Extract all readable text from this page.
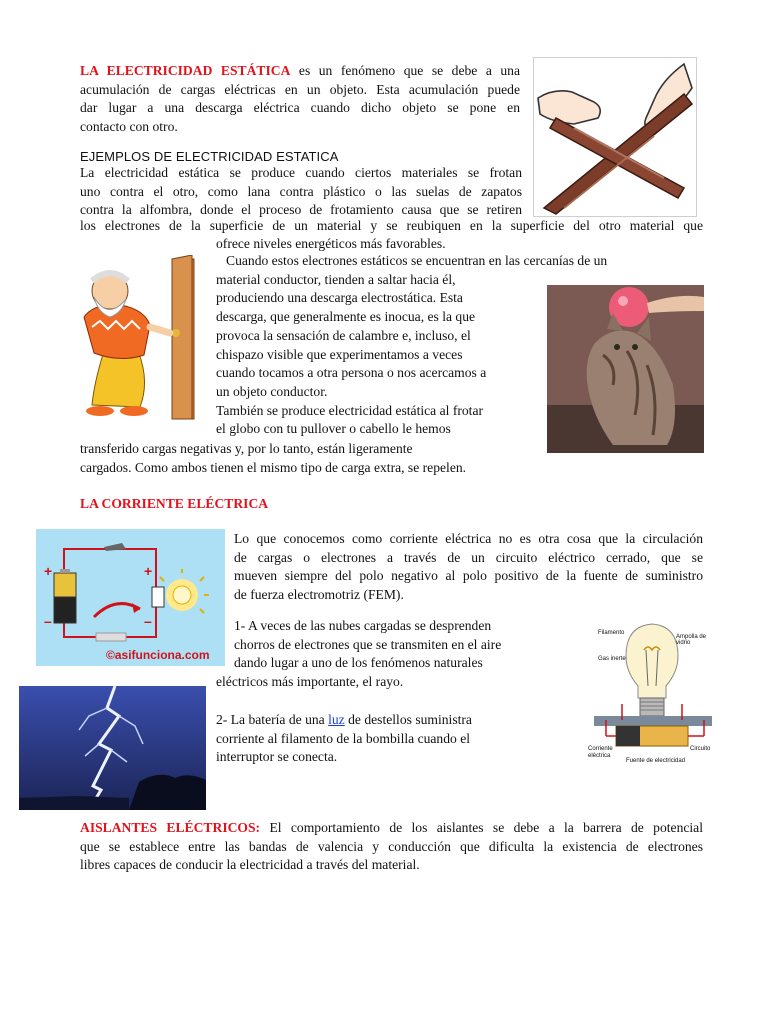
LA ELECTRICIDAD ESTÁTICA es un fenómeno que se debe a una
acumulación de cargas eléctricas en un objeto. Esta acumulación puede
dar lugar a una descarga eléctrica cuando dicho objeto se pone en
contacto con otro.
EJEMPLOS DE ELECTRICIDAD ESTATICA
La electricidad estática se produce cuando ciertos materiales se frotan
uno contra el otro, como lana contra plástico o las suelas de zapatos
contra la alfombra, donde el proceso de frotamiento causa que se retiren
los electrones de la superficie de un material y se reubiquen en la superficie del otro material que
ofrece niveles energéticos más favorables.
Cuando estos electrones estáticos se encuentran en las cercanías de un
material conductor, tienden a saltar hacia él,
produciendo una descarga electrostática. Esta
descarga, que generalmente es inocua, es la que
provoca la sensación de calambre e, incluso, el
chispazo visible que experimentamos a veces
cuando tocamos a otra persona o nos acercamos a
un objeto conductor.
También se produce electricidad estática al frotar
el globo con tu pullover o cabello le hemos
transferido cargas negativas y, por lo tanto, están ligeramente
cargados. Como ambos tienen el mismo tipo de carga extra, se repelen.
LA CORRIENTE ELÉCTRICA
+
–
+
–
©asifunciona.com
Lo que conocemos como corriente eléctrica no es otra cosa que la circulación
de cargas o electrones a través de un circuito eléctrico cerrado, que se
mueven siempre del polo negativo al polo positivo de la fuente de suministro
de fuerza electromotriz (FEM).
1- A veces de las nubes cargadas se desprenden
chorros de electrones que se transmiten en el aire
dando lugar a uno de los fenómenos naturales
eléctricos más importante, el rayo.
2- La batería de una luz de destellos suministra
corriente al filamento de la bombilla cuando el
interruptor se conecta.
Filamento
Ampolla de vidrio
Gas inerte
Corriente eléctrica
Circuito
Fuente de electricidad
AISLANTES ELÉCTRICOS: El comportamiento de los aislantes se debe a la barrera de potencial
que se establece entre las bandas de valencia y conducción que dificulta la existencia de electrones
libres capaces de conducir la electricidad a través del material.
